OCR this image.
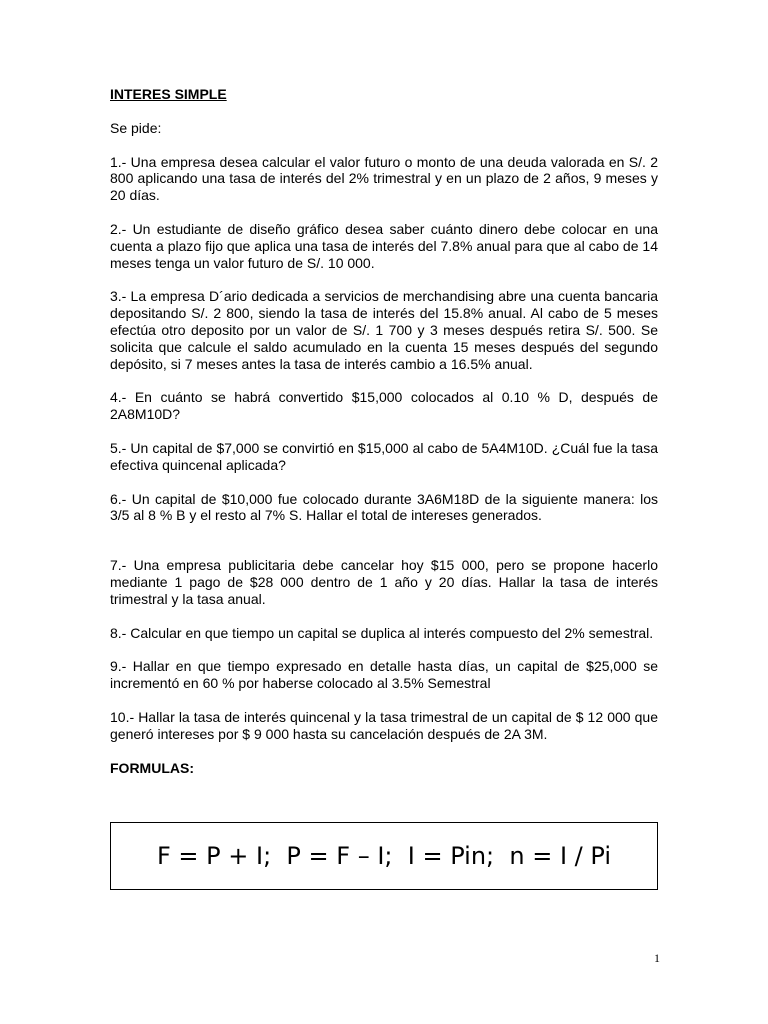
INTERES SIMPLE

Se pide:

1.- Una empresa desea calcular el valor futuro o monto de una deuda valorada en S/. 2 800 aplicando una tasa de interés del 2% trimestral y en un plazo de 2 años, 9 meses y 20 días.

2.- Un estudiante de diseño gráfico desea saber cuánto dinero debe colocar en una cuenta a plazo fijo que aplica una tasa de interés del 7.8% anual para que al cabo de 14 meses tenga un valor futuro de S/. 10 000.

3.- La empresa D´ario dedicada a servicios de merchandising abre una cuenta bancaria depositando S/. 2 800, siendo la tasa de interés del 15.8% anual. Al cabo de 5 meses efectúa otro deposito por un valor de S/. 1 700 y 3 meses después retira S/. 500. Se solicita que calcule el saldo acumulado en la cuenta 15 meses después del segundo depósito, si 7 meses antes la tasa de interés cambio a 16.5% anual.

4.- En cuánto se habrá convertido $15,000 colocados al 0.10 % D, después de 2A8M10D?

5.- Un capital de $7,000 se convirtió en $15,000 al cabo de 5A4M10D. ¿Cuál fue la tasa efectiva quincenal aplicada?

6.- Un capital de $10,000 fue colocado durante 3A6M18D de la siguiente manera: los 3/5 al 8 % B y el resto al 7% S. Hallar el total de intereses generados.

7.- Una empresa publicitaria debe cancelar hoy $15 000, pero se propone hacerlo mediante 1 pago de $28 000 dentro de 1 año y 20 días. Hallar la tasa de interés trimestral y la tasa anual.

8.- Calcular en que tiempo un capital se duplica al interés compuesto del 2% semestral.

9.- Hallar en que tiempo expresado en detalle hasta días, un capital de $25,000 se incrementó en 60 % por haberse colocado al 3.5% Semestral

10.- Hallar la tasa de interés quincenal y la tasa trimestral de un capital de $ 12 000 que generó intereses por $ 9 000 hasta su cancelación después de 2A 3M.

FORMULAS:

F = P + I;  P = F – I;  I = Pin;  n = I / Pi
1
